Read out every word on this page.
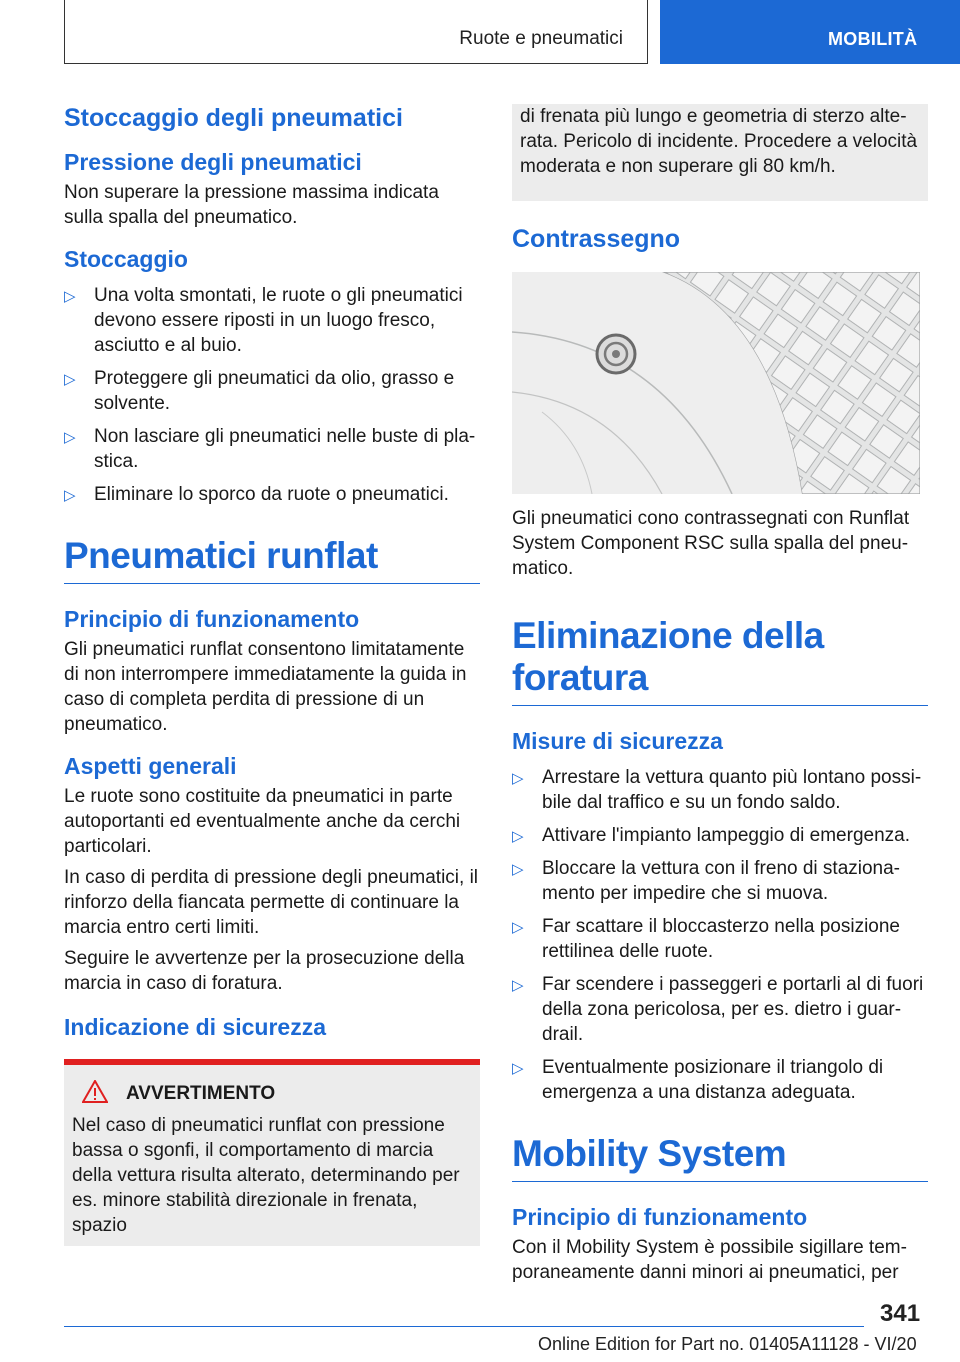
Ruote e pneumatici	MOBILITÀ
Stoccaggio degli pneumatici
Pressione degli pneumatici

Non superare la pressione massima indicata sulla spalla del pneumatico.

Stoccaggio
▷ Una volta smontati, le ruote o gli pneumatici devono essere riposti in un luogo fresco, asciutto e al buio.
▷ Proteggere gli pneumatici da olio, grasso e solvente.
▷ Non lasciare gli pneumatici nelle buste di pla- stica.
▷ Eliminare lo sporco da ruote o pneumatici.
Pneumatici runflat
Principio di funzionamento

Gli pneumatici runflat consentono limitatamente di non interrompere immediatamente la guida in caso di completa perdita di pressione di un pneumatico.

Aspetti generali

Le ruote sono costituite da pneumatici in parte autoportanti ed eventualmente anche da cerchi particolari.

In caso di perdita di pressione degli pneumatici, il rinforzo della fiancata permette di continuare la marcia entro certi limiti.

Seguire le avvertenze per la prosecuzione della marcia in caso di foratura.

Indicazione di sicurezza
AVVERTIMENTO

Nel caso di pneumatici runflat con pressione bassa o sgonfi, il comportamento di marcia della vettura risulta alterato, determinando per es. minore stabilità direzionale in frenata, spazio

di frenata più lungo e geometria di sterzo alte- rata. Pericolo di incidente. Procedere a velocità moderata e non superare gli 80 km/h.

Contrassegno

Gli pneumatici cono contrassegnati con Runflat System Component RSC sulla spalla del pneu- matico.

Eliminazione della foratura
Misure di sicurezza
▷ Arrestare la vettura quanto più lontano possi- bile dal traffico e su un fondo saldo.
▷ Attivare l'impianto lampeggio di emergenza.
▷ Bloccare la vettura con il freno di staziona- mento per impedire che si muova.
▷ Far scattare il bloccasterzo nella posizione rettilinea delle ruote.
▷ Far scendere i passeggeri e portarli al di fuori della zona pericolosa, per es. dietro i guar- drail.
▷ Eventualmente posizionare il triangolo di emergenza a una distanza adeguata.
Mobility System
Principio di funzionamento

Con il Mobility System è possibile sigillare tem- poraneamente danni minori ai pneumatici, per

341
Online Edition for Part no. 01405A11128 - VI/20
